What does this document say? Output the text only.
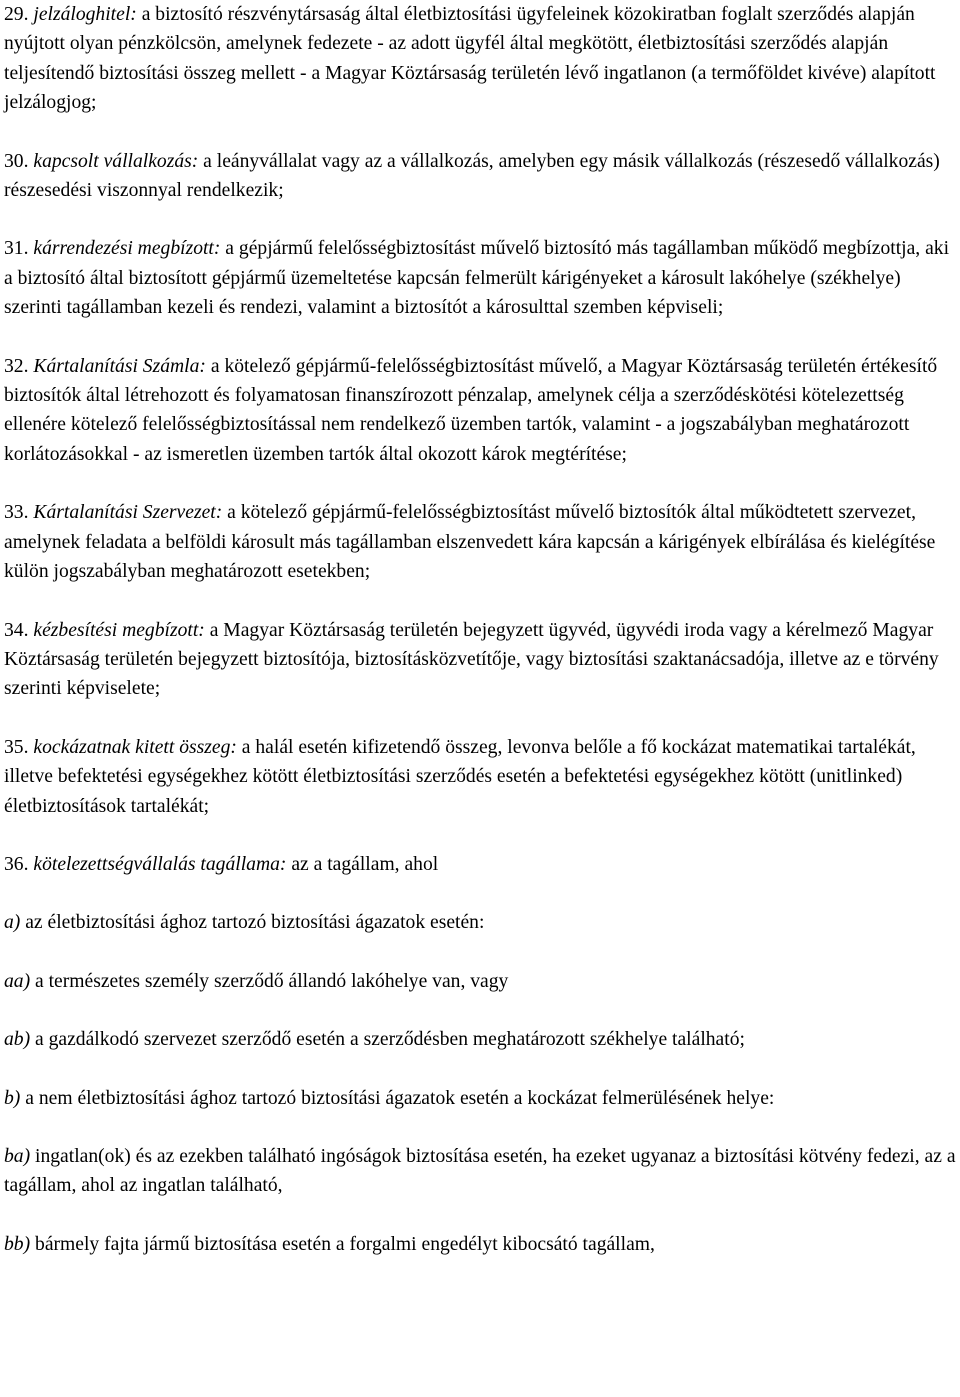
29. jelzáloghitel: a biztosító részvénytársaság által életbiztosítási ügyfeleinek közokiratban foglalt szerződés alapján nyújtott olyan pénzkölcsön, amelynek fedezete - az adott ügyfél által megkötött, életbiztosítási szerződés alapján teljesítendő biztosítási összeg mellett - a Magyar Köztársaság területén lévő ingatlanon (a termőföldet kivéve) alapított jelzálogjog;

30. kapcsolt vállalkozás: a leányvállalat vagy az a vállalkozás, amelyben egy másik vállalkozás (részesedő vállalkozás) részesedési viszonnyal rendelkezik;

31. kárrendezési megbízott: a gépjármű felelősségbiztosítást művelő biztosító más tagállamban működő megbízottja, aki a biztosító által biztosított gépjármű üzemeltetése kapcsán felmerült kárigényeket a károsult lakóhelye (székhelye) szerinti tagállamban kezeli és rendezi, valamint a biztosítót a károsulttal szemben képviseli;

32. Kártalanítási Számla: a kötelező gépjármű-felelősségbiztosítást művelő, a Magyar Köztársaság területén értékesítő biztosítók által létrehozott és folyamatosan finanszírozott pénzalap, amelynek célja a szerződéskötési kötelezettség ellenére kötelező felelősségbiztosítással nem rendelkező üzemben tartók, valamint - a jogszabályban meghatározott korlátozásokkal - az ismeretlen üzemben tartók által okozott károk megtérítése;

33. Kártalanítási Szervezet: a kötelező gépjármű-felelősségbiztosítást művelő biztosítók által működtetett szervezet, amelynek feladata a belföldi károsult más tagállamban elszenvedett kára kapcsán a kárigények elbírálása és kielégítése külön jogszabályban meghatározott esetekben;

34. kézbesítési megbízott: a Magyar Köztársaság területén bejegyzett ügyvéd, ügyvédi iroda vagy a kérelmező Magyar Köztársaság területén bejegyzett biztosítója, biztosításközvetítője, vagy biztosítási szaktanácsadója, illetve az e törvény szerinti képviselete;

35. kockázatnak kitett összeg: a halál esetén kifizetendő összeg, levonva belőle a fő kockázat matematikai tartalékát, illetve befektetési egységekhez kötött életbiztosítási szerződés esetén a befektetési egységekhez kötött (unitlinked) életbiztosítások tartalékát;

36. kötelezettségvállalás tagállama: az a tagállam, ahol

a) az életbiztosítási ághoz tartozó biztosítási ágazatok esetén:

aa) a természetes személy szerződő állandó lakóhelye van, vagy

ab) a gazdálkodó szervezet szerződő esetén a szerződésben meghatározott székhelye található;

b) a nem életbiztosítási ághoz tartozó biztosítási ágazatok esetén a kockázat felmerülésének helye:

ba) ingatlan(ok) és az ezekben található ingóságok biztosítása esetén, ha ezeket ugyanaz a biztosítási kötvény fedezi, az a tagállam, ahol az ingatlan található,

bb) bármely fajta jármű biztosítása esetén a forgalmi engedélyt kibocsátó tagállam,
